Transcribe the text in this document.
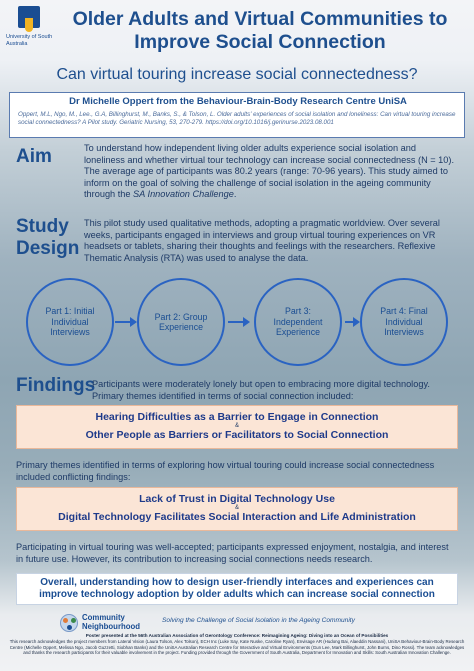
University of South Australia
Older Adults and Virtual Communities to Improve Social Connection
Can virtual touring increase social connectedness?
Dr Michelle Oppert from the Behaviour-Brain-Body Research Centre UniSA
Oppert, M.L, Ngo, M., Lee., G.A, Billinghurst, M., Banks, S., & Tolson, L. Older adults' experiences of social isolation and loneliness: Can virtual touring increase social connectedness? A Pilot study. Geriatric Nursing, 53, 270-279. https://doi.org/10.1016/j.gerinurse.2023.08.001
Aim	To understand how independent living older adults experience social isolation and loneliness and whether virtual tour technology can increase social connectedness (N = 10). The average age of participants was 80.2 years (range: 70-96 years). This study aimed to inform on the goal of solving the challenge of social isolation in the ageing community through the SA Innovation Challenge.
Study
Design
This pilot study used qualitative methods, adopting a pragmatic worldview. Over several weeks, participants engaged in interviews and group virtual touring experiences on VR headsets or tablets, sharing their thoughts and feelings with the researchers. Reflexive Thematic Analysis (RTA) was used to analyse the data.
Part 1: Initial Individual Interviews
Part 2: Group Experience
Part 3: Independent Experience
Part 4: Final Individual Interviews
Findings
Participants were moderately lonely but open to embracing more digital technology. Primary themes identified in terms of social connection included:
Hearing Difficulties as a Barrier to Engage in Connection
&
Other People as Barriers or Facilitators to Social Connection
Primary themes identified in terms of exploring how virtual touring could increase social connectedness included conflicting findings:
Lack of Trust in Digital Technology Use
&
Digital Technology Facilitates Social Interaction and Life Administration
Participating in virtual touring was well-accepted; participants expressed enjoyment, nostalgia, and interest in future use. However, its contribution to increasing social connections needs research.
Overall, understanding how to design user-friendly interfaces and experiences can improve technology adoption by older adults which can increase social connection
Community
Neighbourhood
Solving the Challenge of Social Isolation in the Ageing Community
Poster presented at the 56th Australian Association of Gerontology Conference: Reimagining Ageing: Diving into an Ocean of Possibilities
This research acknowledges the project members from Lateral Vision (Laura Tolson, Alex Tolson), ECH Inc (Luke Say, Kate Nuske, Caroline Ryan), Envisage AR (Hudong Bai, Alaeddin Nassani), UniSA Behaviour-Brain-Body Research Centre (Michelle Oppert, Melissa Ngo, Jacob Guzzetti, Siobhan Banks) and the UniSA Australian Research Centre for Interactive and Virtual Environments (Gun Lee, Mark Billinghurst, John Burns, Dino Rossi). The team acknowledges and thanks the research participants for their valuable involvement in the project. Funding provided through the Government of South Australia, Department for Innovation and Skills: South Australian Innovation Challenge.
